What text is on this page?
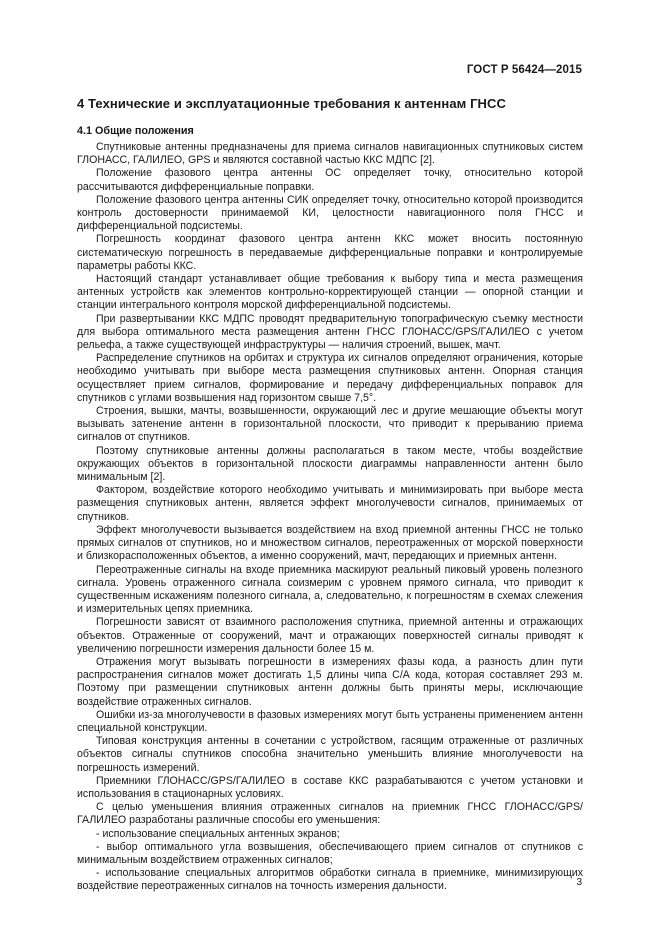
ГОСТ Р 56424—2015
4 Технические и эксплуатационные требования к антеннам ГНСС
4.1 Общие положения

Спутниковые антенны предназначены для приема сигналов навигационных спутниковых систем ГЛОНАСС, ГАЛИЛЕО, GPS и являются составной частью ККС МДПС [2].

Положение фазового центра антенны ОС определяет точку, относительно которой рассчитываются дифференциальные поправки.

Положение фазового центра антенны СИК определяет точку, относительно которой производится контроль достоверности принимаемой КИ, целостности навигационного поля ГНСС и дифференциальной подсистемы.

Погрешность координат фазового центра антенн ККС может вносить постоянную систематическую погрешность в передаваемые дифференциальные поправки и контролируемые параметры работы ККС.

Настоящий стандарт устанавливает общие требования к выбору типа и места размещения антенных устройств как элементов контрольно-корректирующей станции — опорной станции и станции интегрального контроля морской дифференциальной подсистемы.

При развертывании ККС МДПС проводят предварительную топографическую съемку местности для выбора оптимального места размещения антенн ГНСС ГЛОНАСС/GPS/ГАЛИЛЕО с учетом рельефа, а также существующей инфраструктуры — наличия строений, вышек, мачт.

Распределение спутников на орбитах и структура их сигналов определяют ограничения, которые необходимо учитывать при выборе места размещения спутниковых антенн. Опорная станция осуществляет прием сигналов, формирование и передачу дифференциальных поправок для спутников с углами возвышения над горизонтом свыше 7,5°.

Строения, вышки, мачты, возвышенности, окружающий лес и другие мешающие объекты могут вызывать затенение антенн в горизонтальной плоскости, что приводит к прерыванию приема сигналов от спутников.

Поэтому спутниковые антенны должны располагаться в таком месте, чтобы воздействие окружающих объектов в горизонтальной плоскости диаграммы направленности антенн было минимальным [2].

Фактором, воздействие которого необходимо учитывать и минимизировать при выборе места размещения спутниковых антенн, является эффект многолучевости сигналов, принимаемых от спутников.

Эффект многолучевости вызывается воздействием на вход приемной антенны ГНСС не только прямых сигналов от спутников, но и множеством сигналов, переотраженных от морской поверхности и близкорасположенных объектов, а именно сооружений, мачт, передающих и приемных антенн.

Переотраженные сигналы на входе приемника маскируют реальный пиковый уровень полезного сигнала. Уровень отраженного сигнала соизмерим с уровнем прямого сигнала, что приводит к существенным искажениям полезного сигнала, а, следовательно, к погрешностям в схемах слежения и измерительных цепях приемника.

Погрешности зависят от взаимного расположения спутника, приемной антенны и отражающих объектов. Отраженные от сооружений, мачт и отражающих поверхностей сигналы приводят к увеличению погрешности измерения дальности более 15 м.

Отражения могут вызывать погрешности в измерениях фазы кода, а разность длин пути распространения сигналов может достигать 1,5 длины чипа С/А кода, которая составляет 293 м. Поэтому при размещении спутниковых антенн должны быть приняты меры, исключающие воздействие отраженных сигналов.

Ошибки из-за многолучевости в фазовых измерениях могут быть устранены применением антенн специальной конструкции.

Типовая конструкция антенны в сочетании с устройством, гасящим отраженные от различных объектов сигналы спутников способна значительно уменьшить влияние многолучевости на погрешность измерений.

Приемники ГЛОНАСС/GPS/ГАЛИЛЕО в составе ККС разрабатываются с учетом установки и использования в стационарных условиях.

С целью уменьшения влияния отраженных сигналов на приемник ГНСС ГЛОНАСС/GPS/ГАЛИЛЕО разработаны различные способы его уменьшения:

- использование специальных антенных экранов;

- выбор оптимального угла возвышения, обеспечивающего прием сигналов от спутников с минимальным воздействием отраженных сигналов;

- использование специальных алгоритмов обработки сигнала в приемнике, минимизирующих воздействие переотраженных сигналов на точность измерения дальности.	3
